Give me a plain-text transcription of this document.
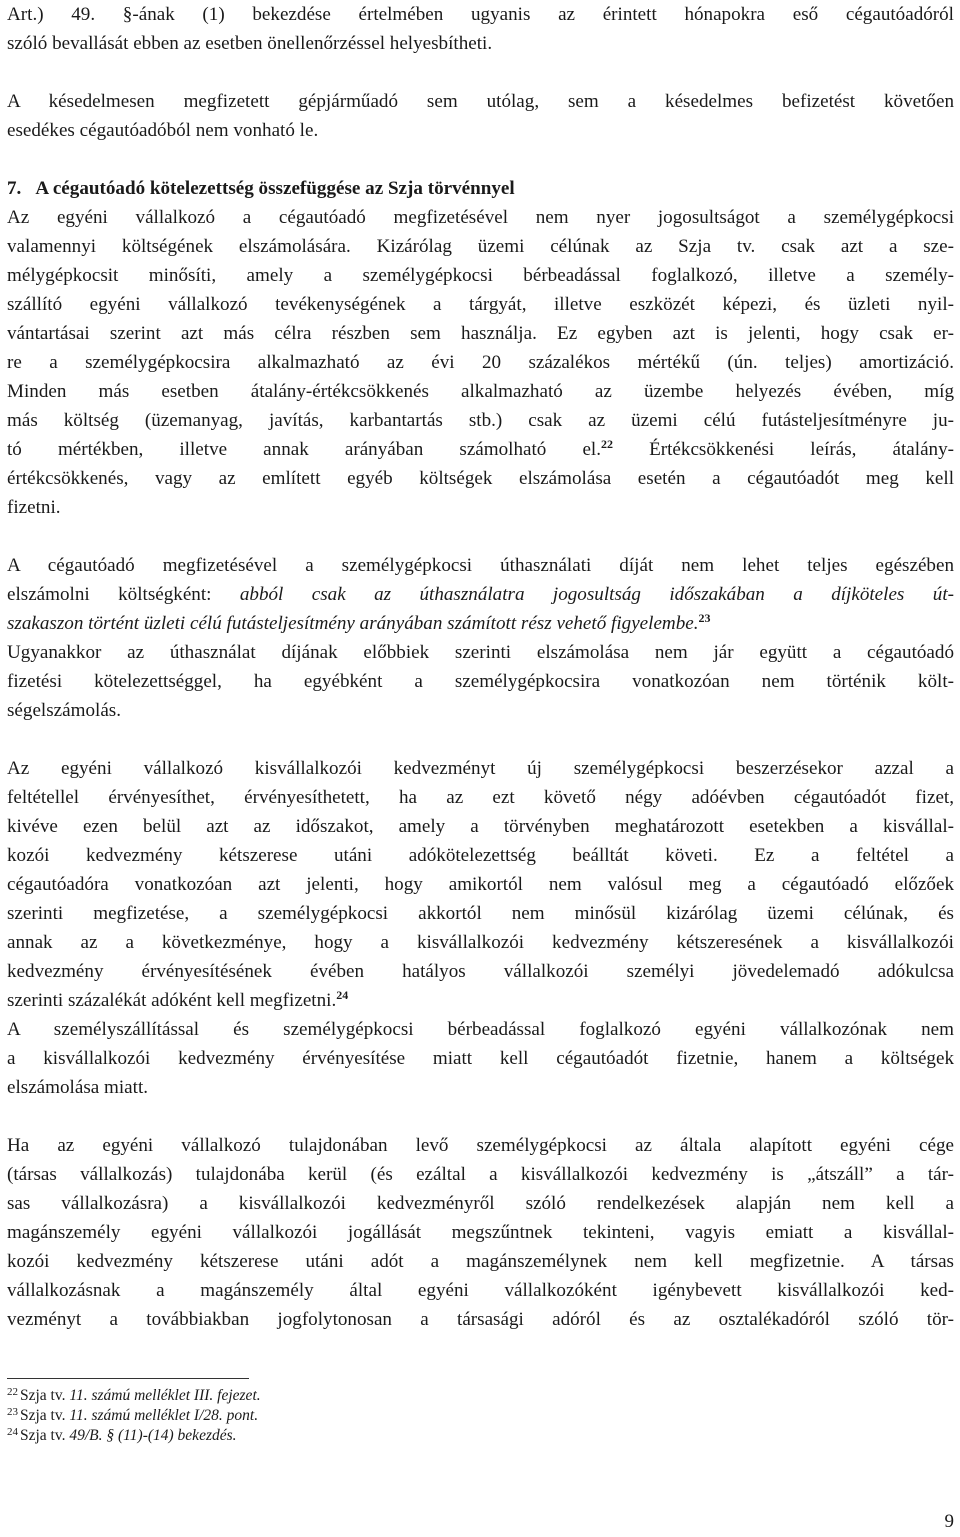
Art.) 49. §-ának (1) bekezdése értelmében ugyanis az érintett hónapokra eső cégautóadóról
szóló bevallását ebben az esetben önellenőrzéssel helyesbítheti.
A késedelmesen megfizetett gépjárműadó sem utólag, sem a késedelmes befizetést követően
esedékes cégautóadóból nem vonható le.
7. A cégautóadó kötelezettség összefüggése az Szja törvénnyel
Az egyéni vállalkozó a cégautóadó megfizetésével nem nyer jogosultságot a személygépkocsi
valamennyi költségének elszámolására. Kizárólag üzemi célúnak az Szja tv. csak azt a sze-
mélygépkocsit minősíti, amely a személygépkocsi bérbeadással foglalkozó, illetve a személy-
szállító egyéni vállalkozó tevékenységének a tárgyát, illetve eszközét képezi, és üzleti nyil-
vántartásai szerint azt más célra részben sem használja. Ez egyben azt is jelenti, hogy csak er-
re a személygépkocsira alkalmazható az évi 20 százalékos mértékű (ún. teljes) amortizáció.
Minden más esetben átalány-értékcsökkenés alkalmazható az üzembe helyezés évében, míg
más költség (üzemanyag, javítás, karbantartás stb.) csak az üzemi célú futásteljesítményre ju-
tó mértékben, illetve annak arányában számolható el.$^{22}$ Értékcsökkenési leírás, átalány-
értékcsökkenés, vagy az említett egyéb költségek elszámolása esetén a cégautóadót meg kell
fizetni.
A cégautóadó megfizetésével a személygépkocsi úthasználati díját nem lehet teljes egészében
elszámolni költségként: abból csak az úthasználatra jogosultság időszakában a díjköteles út-
szakaszon történt üzleti célú futásteljesítmény arányában számított rész vehető figyelembe.$^{23}$
Ugyanakkor az úthasználat díjának előbbiek szerinti elszámolása nem jár együtt a cégautóadó
fizetési kötelezettséggel, ha egyébként a személygépkocsira vonatkozóan nem történik költ-
ségelszámolás.
Az egyéni vállalkozó kisvállalkozói kedvezményt új személygépkocsi beszerzésekor azzal a
feltétellel érvényesíthet, érvényesíthetett, ha az ezt követő négy adóévben cégautóadót fizet,
kivéve ezen belül azt az időszakot, amely a törvényben meghatározott esetekben a kisvállal-
kozói kedvezmény kétszerese utáni adókötelezettség beálltát követi. Ez a feltétel a
cégautóadóra vonatkozóan azt jelenti, hogy amikortól nem valósul meg a cégautóadó előzőek
szerinti megfizetése, a személygépkocsi akkortól nem minősül kizárólag üzemi célúnak, és
annak az a következménye, hogy a kisvállalkozói kedvezmény kétszeresének a kisvállalkozói
kedvezmény érvényesítésének évében hatályos vállalkozói személyi jövedelemadó adókulcsa
szerinti százalékát adóként kell megfizetni.$^{24}$
A személyszállítással és személygépkocsi bérbeadással foglalkozó egyéni vállalkozónak nem
a kisvállalkozói kedvezmény érvényesítése miatt kell cégautóadót fizetnie, hanem a költségek
elszámolása miatt.
Ha az egyéni vállalkozó tulajdonában levő személygépkocsi az általa alapított egyéni cége
(társas vállalkozás) tulajdonába kerül (és ezáltal a kisvállalkozói kedvezmény is „átszáll” a tár-
sas vállalkozásra) a kisvállalkozói kedvezményről szóló rendelkezések alapján nem kell a
magánszemély egyéni vállalkozói jogállását megszűntnek tekinteni, vagyis emiatt a kisvállal-
kozói kedvezmény kétszerese utáni adót a magánszemélynek nem kell megfizetnie. A társas
vállalkozásnak a magánszemély által egyéni vállalkozóként igénybevett kisvállalkozói ked-
vezményt a továbbiakban jogfolytonosan a társasági adóról és az osztalékadóról szóló tör-
$^{22}$ Szja tv. 11. számú melléklet III. fejezet.
$^{23}$ Szja tv. 11. számú melléklet I/28. pont.
$^{24}$ Szja tv. 49/B. § (11)-(14) bekezdés.
9
